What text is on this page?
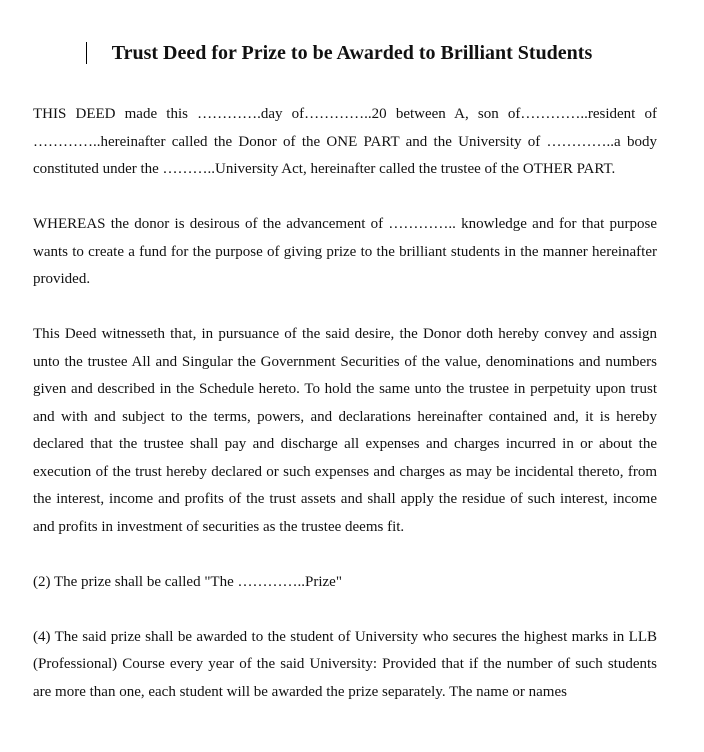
Trust Deed for Prize to be Awarded to Brilliant Students

THIS DEED made this ………….day of…………..20 between A, son of…………..resident of …………..hereinafter called the Donor of the ONE PART and the University of …………..a body constituted under the ………..University Act, hereinafter called the trustee of the OTHER PART.

WHEREAS the donor is desirous of the advancement of ………….. knowledge and for that purpose wants to create a fund for the purpose of giving prize to the brilliant students in the manner hereinafter provided.

This Deed witnesseth that, in pursuance of the said desire, the Donor doth hereby convey and assign unto the trustee All and Singular the Government Securities of the value, denominations and numbers given and described in the Schedule hereto. To hold the same unto the trustee in perpetuity upon trust and with and subject to the terms, powers, and declarations hereinafter contained and, it is hereby declared that the trustee shall pay and discharge all expenses and charges incurred in or about the execution of the trust hereby declared or such expenses and charges as may be incidental thereto, from the interest, income and profits of the trust assets and shall apply the residue of such interest, income and profits in investment of securities as the trustee deems fit.

(2) The prize shall be called "The …………..Prize"

(4) The said prize shall be awarded to the student of University who secures the highest marks in LLB (Professional) Course every year of the said University: Provided that if the number of such students are more than one, each student will be awarded the prize separately. The name or names
